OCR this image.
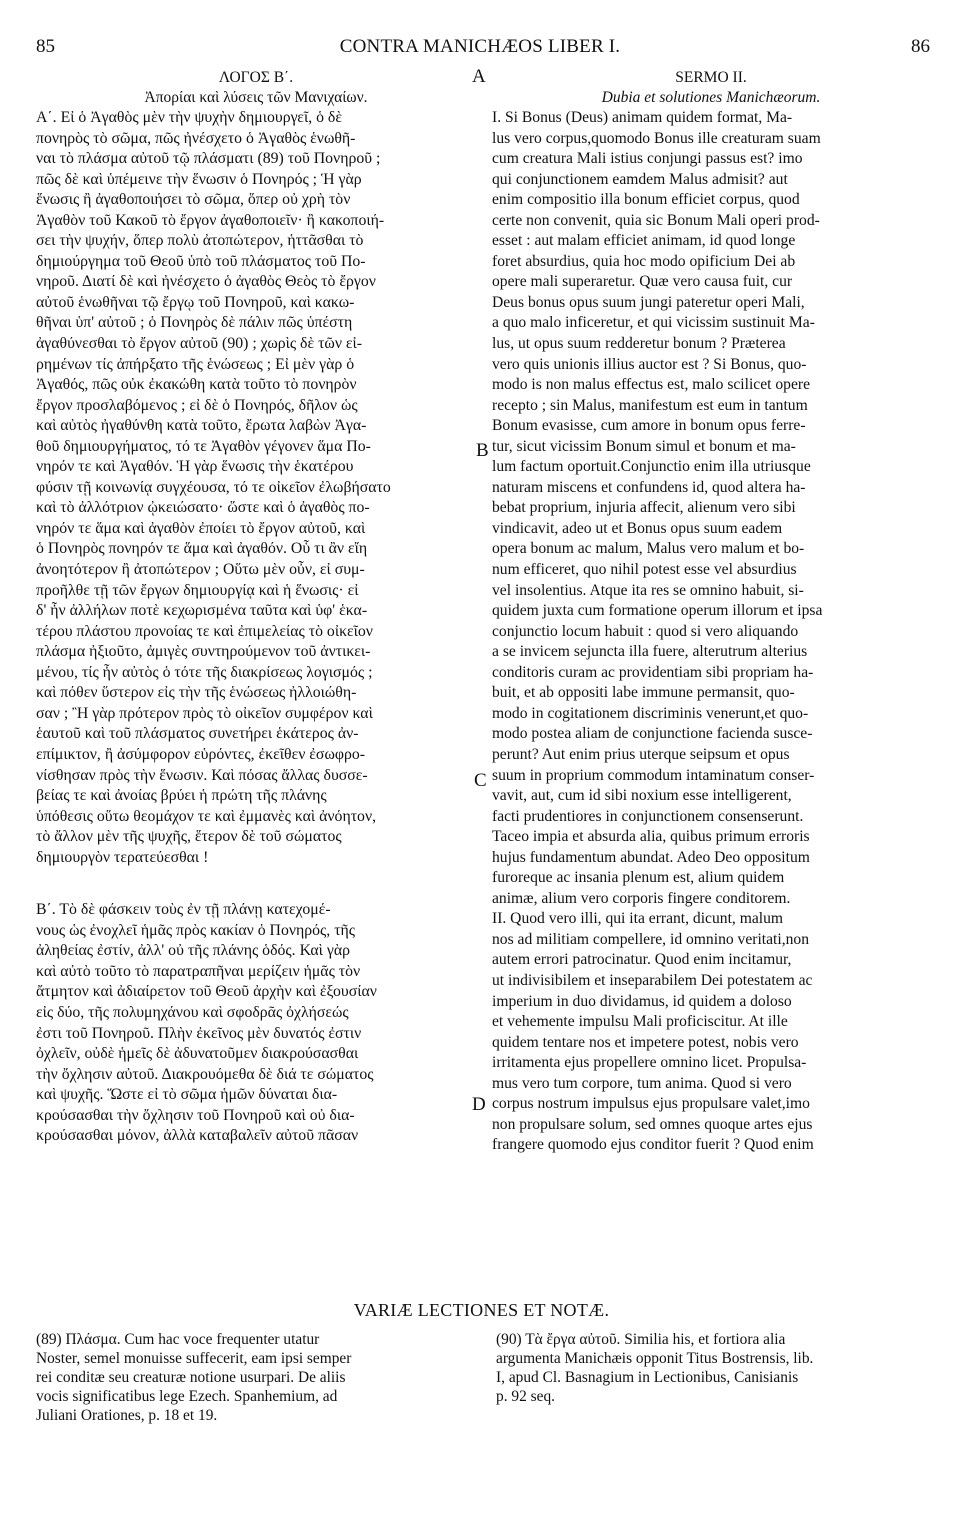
85	CONTRA MANICHÆOS LIBER I.	86

ΛΟΓΟΣ Β΄.

Ἀπορίαι καὶ λύσεις τῶν Μανιχαίων.

Α΄. Εἰ ὁ Ἀγαθὸς μὲν τὴν ψυχὴν δημιουργεῖ, ὁ δὲ
πονηρὸς τὸ σῶμα, πῶς ἠνέσχετο ὁ Ἀγαθὸς ἑνωθῆ-
ναι τὸ πλάσμα αὐτοῦ τῷ πλάσματι (89) τοῦ Πονηροῦ ;
πῶς δὲ καὶ ὑπέμεινε τὴν ἕνωσιν ὁ Πονηρός ; Ἡ γὰρ
ἕνωσις ἢ ἀγαθοποιήσει τὸ σῶμα, ὅπερ οὐ χρὴ τὸν
Ἀγαθὸν τοῦ Κακοῦ τὸ ἔργον ἀγαθοποιεῖν· ἢ κακοποιή-
σει τὴν ψυχήν, ὅπερ πολὺ ἀτοπώτερον, ἡττᾶσθαι τὸ
δημιούργημα τοῦ Θεοῦ ὑπὸ τοῦ πλάσματος τοῦ Πο-
νηροῦ. Διατί δὲ καὶ ἠνέσχετο ὁ ἀγαθὸς Θεὸς τὸ ἔργον
αὐτοῦ ἑνωθῆναι τῷ ἔργῳ τοῦ Πονηροῦ, καὶ κακω-
θῆναι ὑπ' αὐτοῦ ; ὁ Πονηρὸς δὲ πάλιν πῶς ὑπέστη
ἀγαθύνεσθαι τὸ ἔργον αὐτοῦ (90) ; χωρὶς δὲ τῶν εἰ-
ρημένων τίς ἀπήρξατο τῆς ἑνώσεως ; Εἰ μὲν γὰρ ὁ
Ἀγαθός, πῶς οὐκ ἐκακώθη κατὰ τοῦτο τὸ πονηρὸν
ἔργον προσλαβόμενος ; εἰ δὲ ὁ Πονηρός, δῆλον ὡς
καὶ αὐτὸς ἠγαθύνθη κατὰ τοῦτο, ἔρωτα λαβὼν Ἀγα-
θοῦ δημιουργήματος, τό τε Ἀγαθὸν γέγονεν ἅμα Πο-
νηρόν τε καὶ Ἀγαθόν. Ἡ γὰρ ἕνωσις τὴν ἑκατέρου
φύσιν τῇ κοινωνίᾳ συγχέουσα, τό τε οἰκεῖον ἐλωβήσατο
καὶ τὸ ἀλλότριον ᾠκειώσατο· ὥστε καὶ ὁ ἀγαθὸς πο-
νηρόν τε ἅμα καὶ ἀγαθὸν ἐποίει τὸ ἔργον αὐτοῦ, καὶ
ὁ Πονηρὸς πονηρόν τε ἅμα καὶ ἀγαθόν. Οὗ τι ἂν εἴη
ἀνοητότερον ἢ ἀτοπώτερον ; Οὕτω μὲν οὖν, εἰ συμ-
προῆλθε τῇ τῶν ἔργων δημιουργίᾳ καὶ ἡ ἕνωσις· εἰ
δ' ἦν ἀλλήλων ποτὲ κεχωρισμένα ταῦτα καὶ ὑφ' ἑκα-
τέρου πλάστου προνοίας τε καὶ ἐπιμελείας τὸ οἰκεῖον
πλάσμα ἠξιοῦτο, ἀμιγὲς συντηρούμενον τοῦ ἀντικει-
μένου, τίς ἦν αὐτὸς ὁ τότε τῆς διακρίσεως λογισμός ;
καὶ πόθεν ὕστερον εἰς τὴν τῆς ἑνώσεως ἠλλοιώθη-
σαν ; Ἢ γὰρ πρότερον πρὸς τὸ οἰκεῖον συμφέρον καὶ
ἑαυτοῦ καὶ τοῦ πλάσματος συνετήρει ἑκάτερος ἀν-
επίμικτον, ἢ ἀσύμφορον εὑρόντες, ἐκεῖθεν ἐσωφρο-
νίσθησαν πρὸς τὴν ἕνωσιν. Καὶ πόσας ἄλλας δυσσε-
βείας τε καὶ ἀνοίας βρύει ἡ πρώτη τῆς πλάνης
ὑπόθεσις οὕτω θεομάχον τε καὶ ἐμμανὲς καὶ ἀνόητον,
τὸ ἄλλον μὲν τῆς ψυχῆς, ἕτερον δὲ τοῦ σώματος
δημιουργὸν τερατεύεσθαι !
Β΄. Τὸ δὲ φάσκειν τοὺς ἐν τῇ πλάνῃ κατεχομέ-
νους ὡς ἐνοχλεῖ ἡμᾶς πρὸς κακίαν ὁ Πονηρός, τῆς
ἀληθείας ἐστίν, ἀλλ' οὐ τῆς πλάνης ὁδός. Καὶ γὰρ
καὶ αὐτὸ τοῦτο τὸ παρατραπῆναι μερίζειν ἡμᾶς τὸν
ἄτμητον καὶ ἀδιαίρετον τοῦ Θεοῦ ἀρχὴν καὶ ἐξουσίαν
εἰς δύο, τῆς πολυμηχάνου καὶ σφοδρᾶς ὀχλήσεώς
ἐστι τοῦ Πονηροῦ. Πλὴν ἐκεῖνος μὲν δυνατός ἐστιν
ὀχλεῖν, οὐδὲ ἡμεῖς δὲ ἀδυνατοῦμεν διακρούσασθαι
τὴν ὄχλησιν αὐτοῦ. Διακρουόμεθα δὲ διά τε σώματος
καὶ ψυχῆς. Ὥστε εἰ τὸ σῶμα ἡμῶν δύναται δια-
κρούσασθαι τὴν ὄχλησιν τοῦ Πονηροῦ καὶ οὐ δια-
κρούσασθαι μόνον, ἀλλὰ καταβαλεῖν αὐτοῦ πᾶσαν

SERMO II.

Dubia et solutiones Manichæorum.

I. Si Bonus (Deus) animam quidem format, Ma-
lus vero corpus,quomodo Bonus ille creaturam suam
cum creatura Mali istius conjungi passus est? imo
qui conjunctionem eamdem Malus admisit? aut
enim compositio illa bonum efficiet corpus, quod
certe non convenit, quia sic Bonum Mali operi prod-
esset : aut malam efficiet animam, id quod longe
foret absurdius, quia hoc modo opificium Dei ab
opere mali superaretur. Quæ vero causa fuit, cur
Deus bonus opus suum jungi pateretur operi Mali,
a quo malo inficeretur, et qui vicissim sustinuit Ma-
lus, ut opus suum redderetur bonum ? Præterea
vero quis unionis illius auctor est ? Si Bonus, quo-
modo is non malus effectus est, malo scilicet opere
recepto ; sin Malus, manifestum est eum in tantum
Bonum evasisse, cum amore in bonum opus ferre-
tur, sicut vicissim Bonum simul et bonum et ma-
lum factum oportuit.Conjunctio enim illa utriusque
naturam miscens et confundens id, quod altera ha-
bebat proprium, injuria affecit, alienum vero sibi
vindicavit, adeo ut et Bonus opus suum eadem
opera bonum ac malum, Malus vero malum et bo-
num efficeret, quo nihil potest esse vel absurdius
vel insolentius. Atque ita res se omnino habuit, si-
quidem juxta cum formatione operum illorum et ipsa
conjunctio locum habuit : quod si vero aliquando
a se invicem sejuncta illa fuere, alterutrum alterius
conditoris curam ac providentiam sibi propriam ha-
buit, et ab oppositi labe immune permansit, quo-
modo in cogitationem discriminis venerunt,et quo-
modo postea aliam de conjunctione facienda susce-
perunt? Aut enim prius uterque seipsum et opus
suum in proprium commodum intaminatum conser-
vavit, aut, cum id sibi noxium esse intelligerent,
facti prudentiores in conjunctionem consenserunt.
Taceo impia et absurda alia, quibus primum erroris
hujus fundamentum abundat. Adeo Deo oppositum
furoreque ac insania plenum est, alium quidem
animæ, alium vero corporis fingere conditorem.
II. Quod vero illi, qui ita errant, dicunt, malum
nos ad militiam compellere, id omnino veritati,non
autem errori patrocinatur. Quod enim incitamur,
ut indivisibilem et inseparabilem Dei potestatem ac
imperium in duo dividamus, id quidem a doloso
et vehemente impulsu Mali proficiscitur. At ille
quidem tentare nos et impetere potest, nobis vero
irritamenta ejus propellere omnino licet. Propulsa-
mus vero tum corpore, tum anima. Quod si vero
corpus nostrum impulsus ejus propulsare valet,imo
non propulsare solum, sed omnes quoque artes ejus
frangere quomodo ejus conditor fuerit ? Quod enim
A
B
C
D
VARIÆ LECTIONES ET NOTÆ.
(89) Πλάσμα. Cum hac voce frequenter utatur
Noster, semel monuisse suffecerit, eam ipsi semper
rei conditæ seu creaturæ notione usurpari. De aliis
vocis significatibus lege Ezech. Spanhemium, ad
Juliani Orationes, p. 18 et 19.
(90) Τὰ ἔργα αὐτοῦ. Similia his, et fortiora alia
argumenta Manichæis opponit Titus Bostrensis, lib.
I, apud Cl. Basnagium in Lectionibus, Canisianis
p. 92 seq.
